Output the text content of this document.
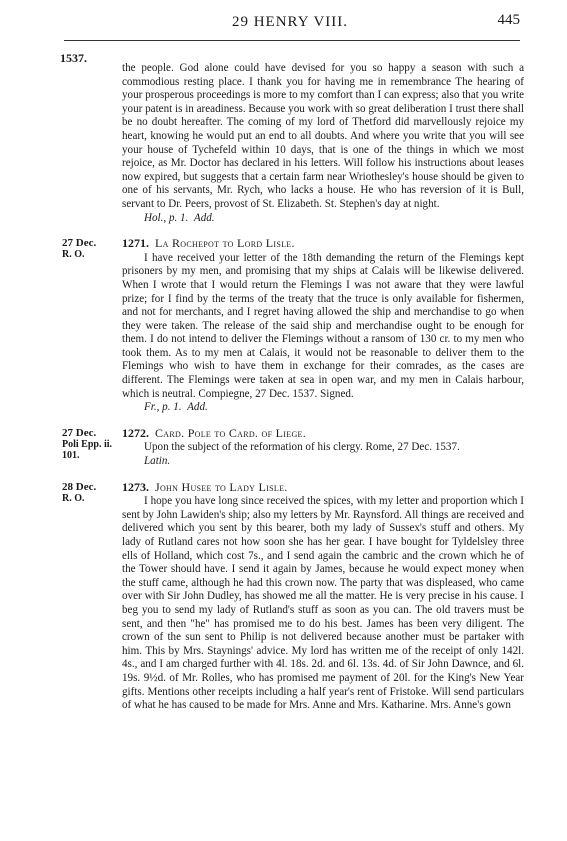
29 HENRY VIII.	445
1537.
the people. God alone could have devised for you so happy a season with such a commodious resting place. I thank you for having me in remembrance The hearing of your prosperous proceedings is more to my comfort than I can express; also that you write your patent is in areadiness. Because you work with so great deliberation I trust there shall be no doubt hereafter. The coming of my lord of Thetford did marvellously rejoice my heart, knowing he would put an end to all doubts. And where you write that you will see your house of Tychefeld within 10 days, that is one of the things in which we most rejoice, as Mr. Doctor has declared in his letters. Will follow his instructions about leases now expired, but suggests that a certain farm near Wriothesley's house should be given to one of his servants, Mr. Rych, who lacks a house. He who has reversion of it is Bull, servant to Dr. Peers, provost of St. Elizabeth. St. Stephen's day at night.
Hol., p. 1. Add.
27 Dec.
R. O.
1271. La Rochepot to Lord Lisle.
I have received your letter of the 18th demanding the return of the Flemings kept prisoners by my men, and promising that my ships at Calais will be likewise delivered. When I wrote that I would return the Flemings I was not aware that they were lawful prize; for I find by the terms of the treaty that the truce is only available for fishermen, and not for merchants, and I regret having allowed the ship and merchandise to go when they were taken. The release of the said ship and merchandise ought to be enough for them. I do not intend to deliver the Flemings without a ransom of 130 cr. to my men who took them. As to my men at Calais, it would not be reasonable to deliver them to the Flemings who wish to have them in exchange for their comrades, as the cases are different. The Flemings were taken at sea in open war, and my men in Calais harbour, which is neutral. Compiegne, 27 Dec. 1537. Signed.
Fr., p. 1. Add.
27 Dec.
Poli Epp. ii. 101.
1272. Card. Pole to Card. of Liege.
Upon the subject of the reformation of his clergy. Rome, 27 Dec. 1537.
Latin.
28 Dec.
R. O.
1273. John Husee to Lady Lisle.
I hope you have long since received the spices, with my letter and proportion which I sent by John Lawiden's ship; also my letters by Mr. Raynsford. All things are received and delivered which you sent by this bearer, both my lady of Sussex's stuff and others. My lady of Rutland cares not how soon she has her gear. I have bought for Tyldelsley three ells of Holland, which cost 7s., and I send again the cambric and the crown which he of the Tower should have. I send it again by James, because he would expect money when the stuff came, although he had this crown now. The party that was displeased, who came over with Sir John Dudley, has showed me all the matter. He is very precise in his cause. I beg you to send my lady of Rutland's stuff as soon as you can. The old travers must be sent, and then "he" has promised me to do his best. James has been very diligent. The crown of the sun sent to Philip is not delivered because another must be partaker with him. This by Mrs. Staynings' advice. My lord has written me of the receipt of only 142l. 4s., and I am charged further with 4l. 18s. 2d. and 6l. 13s. 4d. of Sir John Dawnce, and 6l. 19s. 9½d. of Mr. Rolles, who has promised me payment of 20l. for the King's New Year gifts. Mentions other receipts including a half year's rent of Fristoke. Will send particulars of what he has caused to be made for Mrs. Anne and Mrs. Katharine. Mrs. Anne's gown
